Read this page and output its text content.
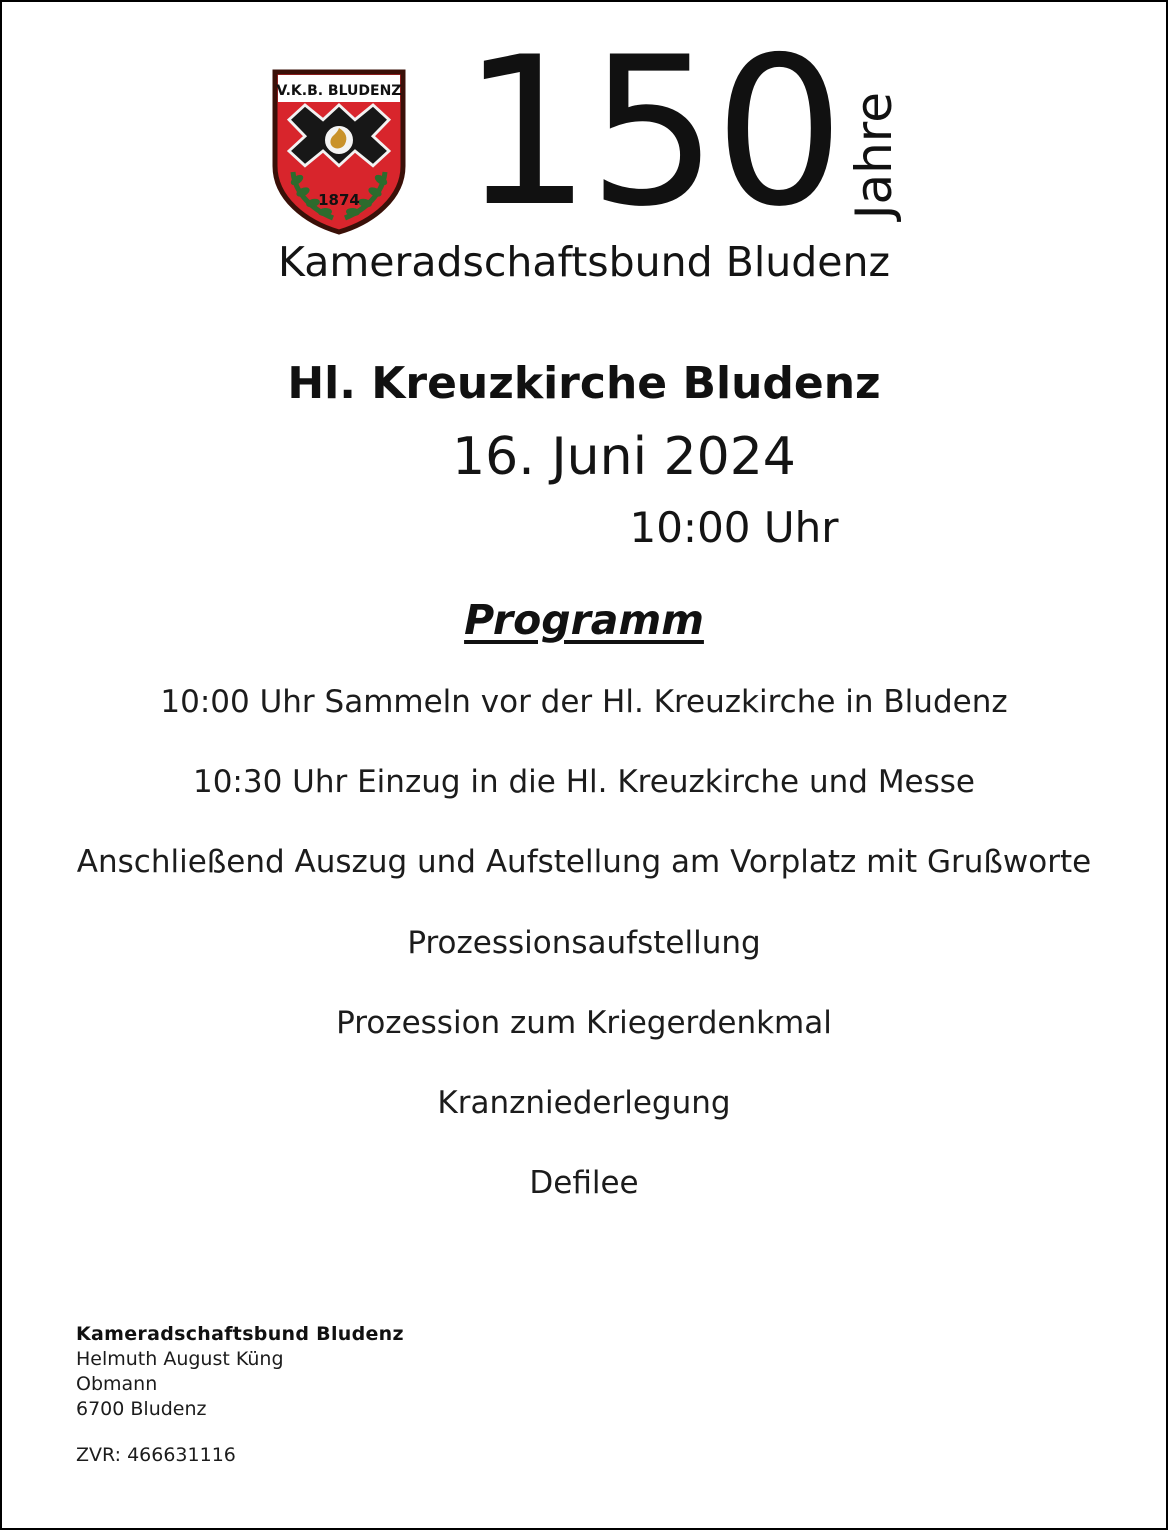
V.K.B. BLUDENZ
1874 150 Jahre
Kameradschaftsbund Bludenz
Hl. Kreuzkirche Bludenz
16. Juni 2024
10:00 Uhr
Programm
10:00 Uhr Sammeln vor der Hl. Kreuzkirche in Bludenz
10:30 Uhr Einzug in die Hl. Kreuzkirche und Messe
Anschließend Auszug und Aufstellung am Vorplatz mit Grußworte
Prozessionsaufstellung
Prozession zum Kriegerdenkmal
Kranzniederlegung
Defilee
Kameradschaftsbund Bludenz
Helmuth August Küng
Obmann
6700 Bludenz
ZVR: 466631116
